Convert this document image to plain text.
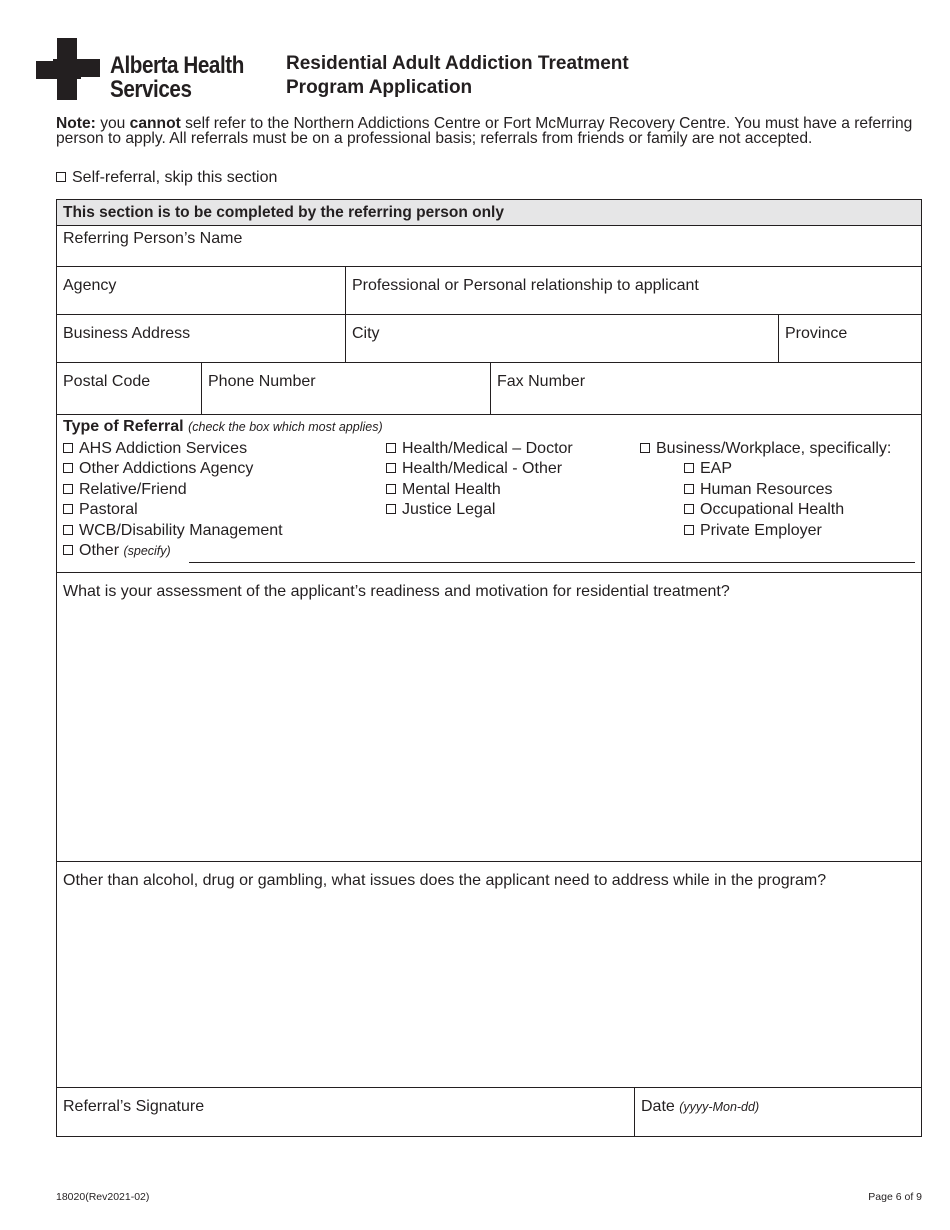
Alberta Health
Services
Residential Adult Addiction Treatment
Program Application
Note: you cannot self refer to the Northern Addictions Centre or Fort McMurray Recovery Centre. You must have a referring person to apply. All referrals must be on a professional basis; referrals from friends or family are not accepted.
Self-referral, skip this section
This section is to be completed by the referring person only
Referring Person’s Name
Agency	Professional or Personal relationship to applicant
Business Address	City	Province
Postal Code	Phone Number	Fax Number
Type of Referral (check the box which most applies)
AHS Addiction Services
Other Addictions Agency
Relative/Friend
Pastoral
WCB/Disability Management
Health/Medical – Doctor
Health/Medical - Other
Mental Health
Justice Legal
Business/Workplace, specifically:
EAP
Human Resources
Occupational Health
Private Employer
Other (specify)
What is your assessment of the applicant’s readiness and motivation for residential treatment?
Other than alcohol, drug or gambling, what issues does the applicant need to address while in the program?
Referral’s Signature	Date (yyyy-Mon-dd)
18020(Rev2021-02)	Page 6 of 9
